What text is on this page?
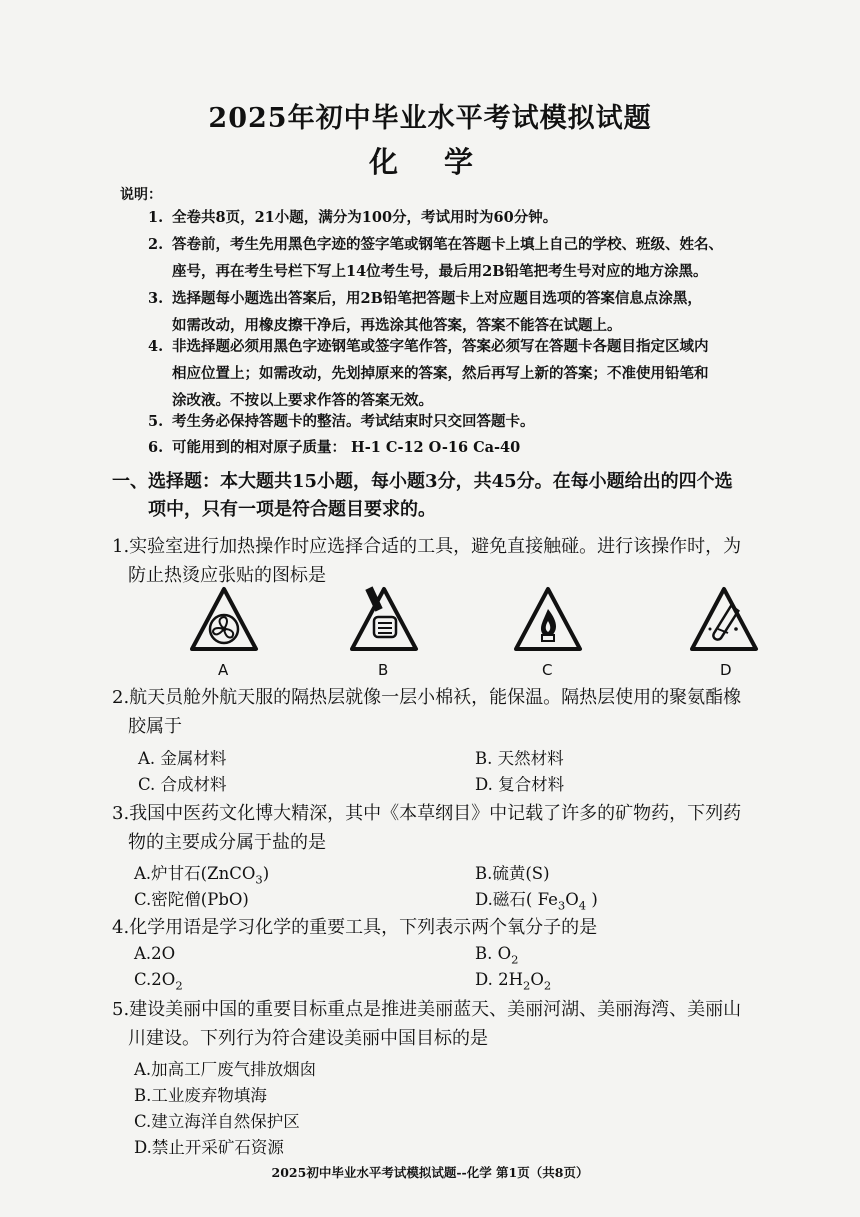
2025年初中毕业水平考试模拟试题
化 学
说明：
1. 全卷共8页，21小题，满分为100分，考试用时为60分钟。
2. 答卷前，考生先用黑色字迹的签字笔或钢笔在答题卡上填上自己的学校、班级、姓名、
座号，再在考生号栏下写上14位考生号，最后用2B铅笔把考生号对应的地方涂黑。
3. 选择题每小题选出答案后，用2B铅笔把答题卡上对应题目选项的答案信息点涂黑，
如需改动，用橡皮擦干净后，再选涂其他答案，答案不能答在试题上。
4. 非选择题必须用黑色字迹钢笔或签字笔作答，答案必须写在答题卡各题目指定区域内
相应位置上；如需改动，先划掉原来的答案，然后再写上新的答案；不准使用铅笔和
涂改液。不按以上要求作答的答案无效。
5. 考生务必保持答题卡的整洁。考试结束时只交回答题卡。
6. 可能用到的相对原子质量： H-1 C-12 O-16 Ca-40
一、选择题：本大题共15小题，每小题3分，共45分。在每小题给出的四个选
项中，只有一项是符合题目要求的。
1.实验室进行加热操作时应选择合适的工具，避免直接触碰。进行该操作时，为
防止热烫应张贴的图标是
A	B	C	D
2.航天员舱外航天服的隔热层就像一层小棉袄，能保温。隔热层使用的聚氨酯橡
胶属于
A. 金属材料	B. 天然材料
C. 合成材料	D. 复合材料
3.我国中医药文化博大精深，其中《本草纲目》中记载了许多的矿物药，下列药
物的主要成分属于盐的是
A.炉甘石(ZnCO$_3$)	B.硫黄(S)
C.密陀僧(PbO)	D.磁石( $Fe_3O_4$ )
4.化学用语是学习化学的重要工具，下列表示两个氧分子的是
A.2O	B. $O_2$
$C.2O_2$	D. $2H_2O_2$
5.建设美丽中国的重要目标重点是推进美丽蓝天、美丽河湖、美丽海湾、美丽山
川建设。下列行为符合建设美丽中国目标的是
A.加高工厂废气排放烟囱
B.工业废弃物填海
C.建立海洋自然保护区
D.禁止开采矿石资源
2025初中毕业水平考试模拟试题--化学 第1页（共8页）
